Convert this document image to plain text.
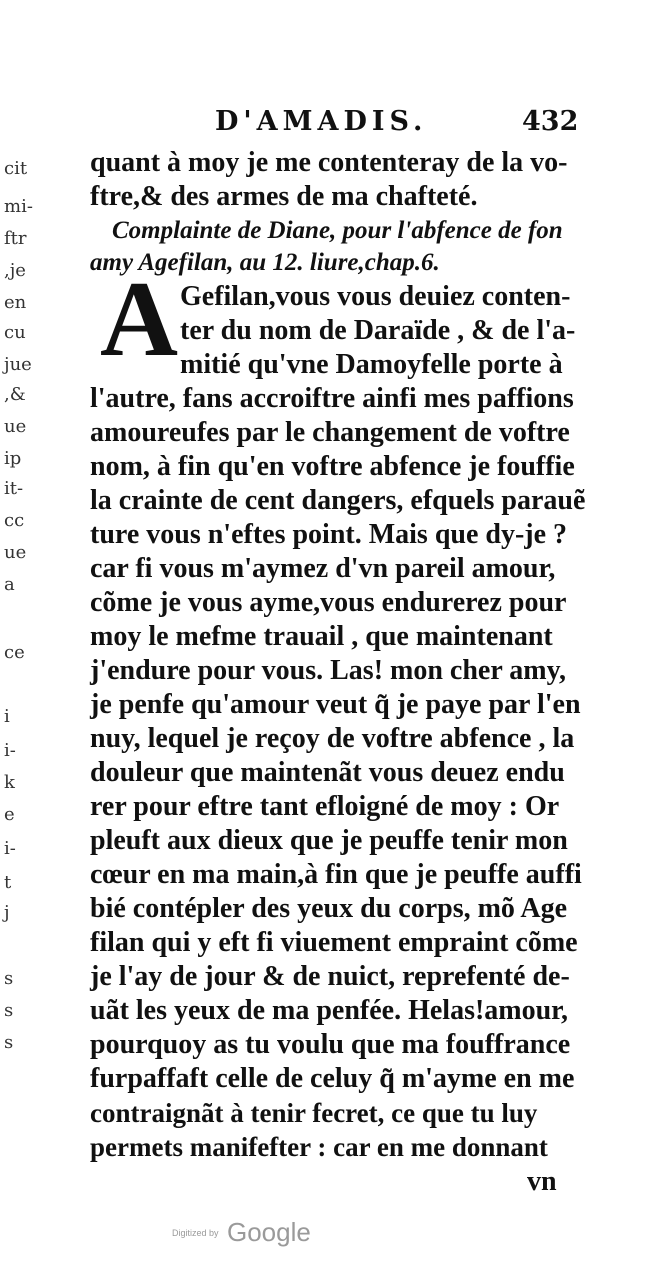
D'AMADIS.	432
cit
mi-
ftr
,je
en
cu
jue
,&
ue
ip
it-
cc
ue
a
ce
i
i-
k
e
i-
t
j
s
s
s
quant à moy je me contenteray de la vo-
ftre,& des armes de ma chafteté.
Complainte de Diane, pour l'abfence de fon
amy Agefilan, au 12. liure,chap.6.
A Gefilan,vous vous deuiez conten-
ter du nom de Daraïde , & de l'a-
mitié qu'vne Damoyfelle porte à
l'autre, fans accroiftre ainfi mes paffions
amoureufes par le changement de voftre
nom, à fin qu'en voftre abfence je fouffie
la crainte de cent dangers, efquels parauẽ
ture vous n'eftes point. Mais que dy-je ?
car fi vous m'aymez d'vn pareil amour,
cõme je vous ayme,vous endurerez pour
moy le mefme trauail , que maintenant
j'endure pour vous. Las! mon cher amy,
je penfe qu'amour veut q̃ je paye par l'en
nuy, lequel je reçoy de voftre abfence , la
douleur que maintenãt vous deuez endu
rer pour eftre tant efloigné de moy : Or
pleuft aux dieux que je peuffe tenir mon
cœur en ma main,à fin que je peuffe auffi
bié contépler des yeux du corps, mõ Age
filan qui y eft fi viuement empraint cõme
je l'ay de jour & de nuict, reprefenté de-
uãt les yeux de ma penfée. Helas!amour,
pourquoy as tu voulu que ma fouffrance
furpaffaft celle de celuy q̃ m'ayme en me
contraignãt à tenir fecret, ce que tu luy
permets manifefter : car en me donnant
vn
Digitized by Google
